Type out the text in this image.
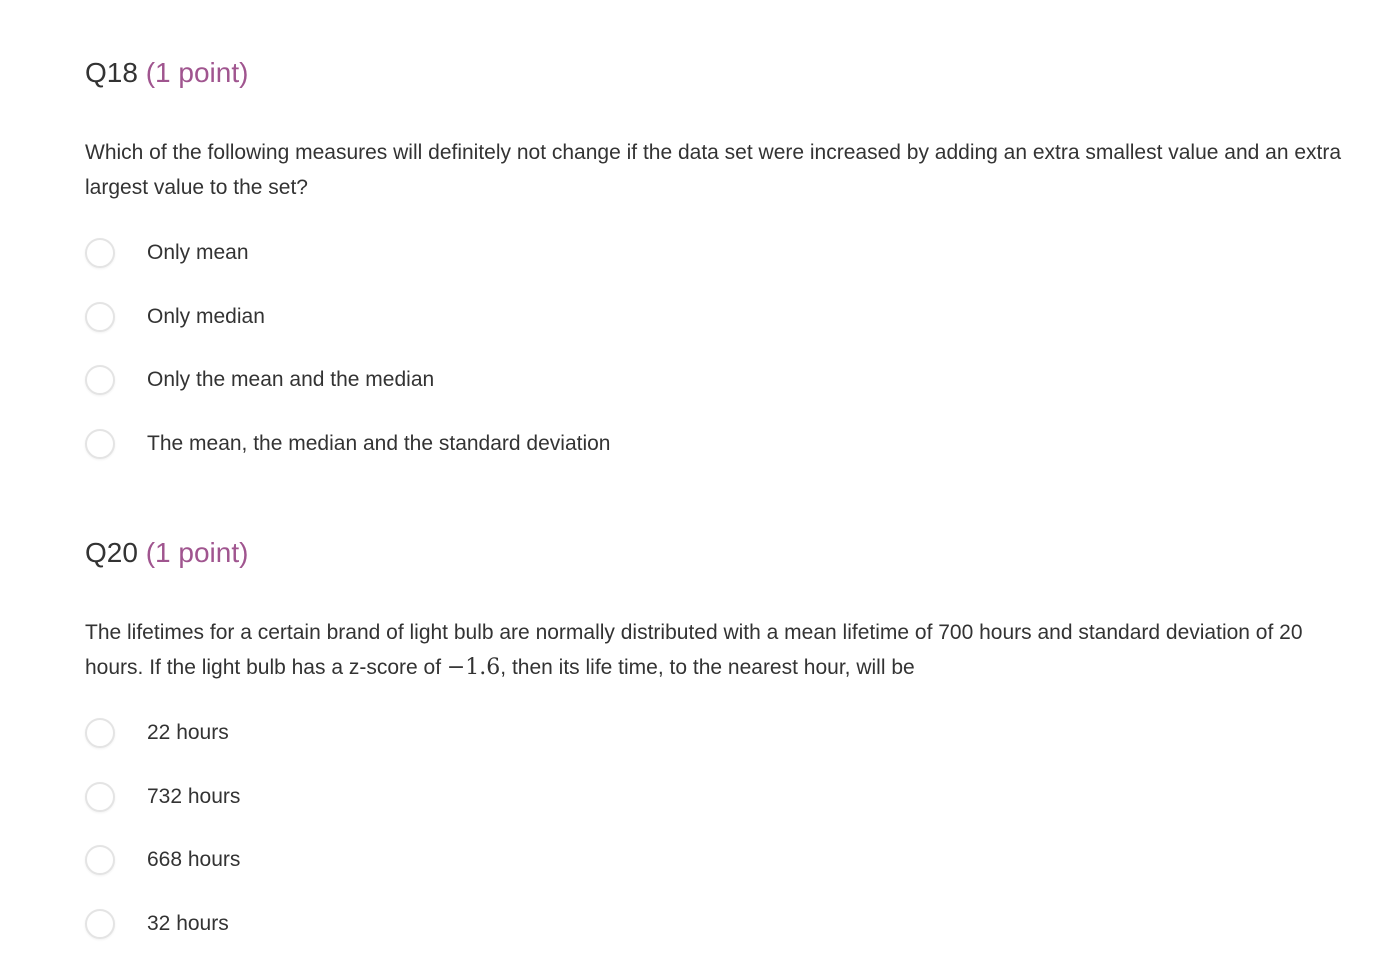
Q18 (1 point)
Which of the following measures will definitely not change if the data set were increased by adding an extra smallest value and an extra largest value to the set?
Only mean
Only median
Only the mean and the median
The mean, the median and the standard deviation
Q20 (1 point)
The lifetimes for a certain brand of light bulb are normally distributed with a mean lifetime of 700 hours and standard deviation of 20 hours. If the light bulb has a z-score of −1.6, then its life time, to the nearest hour, will be
22 hours
732 hours
668 hours
32 hours
